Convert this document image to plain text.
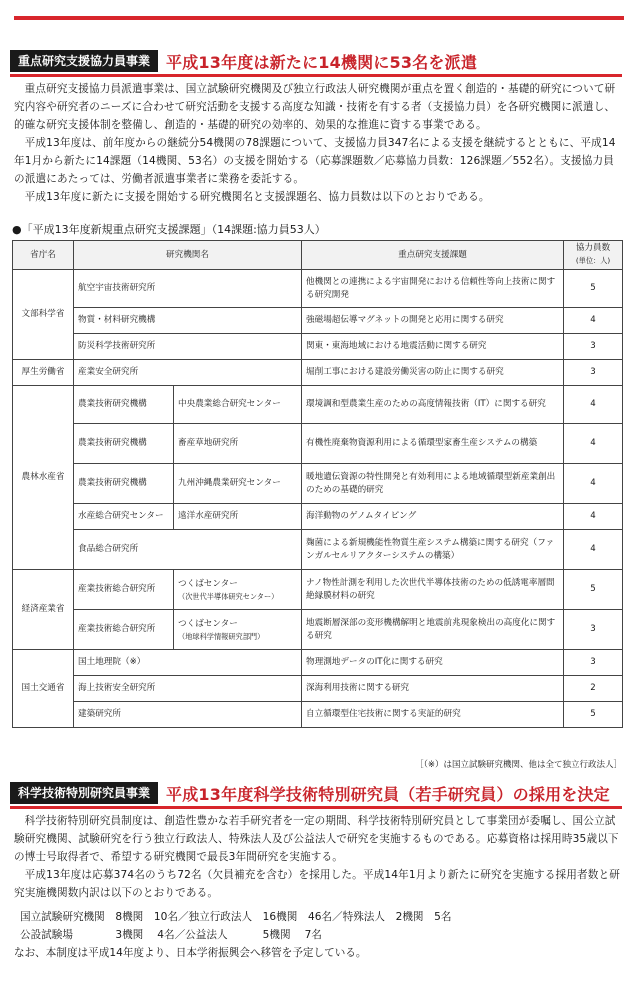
重点研究支援協力員事業	平成13年度は新たに14機関に53名を派遣

重点研究支援協力員派遣事業は、国立試験研究機関及び独立行政法人研究機関が重点を置く創造的・基礎的研究について研究内容や研究者のニーズに合わせて研究活動を支援する高度な知識・技術を有する者（支援協力員）を各研究機関に派遣し、的確な研究支援体制を整備し、創造的・基礎的研究の効率的、効果的な推進に資する事業である。

平成13年度は、前年度からの継続分54機関の78課題について、支援協力員347名による支援を継続するとともに、平成14年1月から新たに14課題（14機関、53名）の支援を開始する（応募課題数／応募協力員数：126課題／552名）。支援協力員の派遣にあたっては、労働者派遣事業者に業務を委託する。

平成13年度に新たに支援を開始する研究機関名と支援課題名、協力員数は以下のとおりである。

●「平成13年度新規重点研究支援課題」（14課題:協力員53人）
省庁名	研究機関名		重点研究支援課題	協力員数
(単位：人)
文部科学省	航空宇宙技術研究所		他機関との連携による宇宙開発における信頼性等向上技術に関する研究開発	5
	物質・材料研究機構		強磁場超伝導マグネットの開発と応用に関する研究	4
	防災科学技術研究所		関東・東海地域における地震活動に関する研究	3
厚生労働省	産業安全研究所		堀削工事における建設労働災害の防止に関する研究	3
農林水産省	農業技術研究機構	中央農業総合研究センター	環境調和型農業生産のための高度情報技術（IT）に関する研究	4
	農業技術研究機構	畜産草地研究所	有機性廃棄物資源利用による循環型家畜生産システムの構築	4
	農業技術研究機構	九州沖縄農業研究センター	暖地遺伝資源の特性開発と有効利用による地域循環型新産業創出のための基礎的研究	4
	水産総合研究センター	遠洋水産研究所	海洋動物のゲノムタイピング	4
	食品総合研究所		麹菌による新規機能性物質生産システム構築に関する研究（ファンガルセルリアクターシステムの構築）	4
経済産業省	産業技術総合研究所	つくばセンター
（次世代半導体研究センター）	ナノ物性計測を利用した次世代半導体技術のための低誘電率層間絶縁膜材料の研究	5
	産業技術総合研究所	つくばセンター
（地球科学情報研究部門）	地震断層深部の変形機構解明と地震前兆現象検出の高度化に関する研究	3
国土交通省	国土地理院（※）		物理測地データのIT化に関する研究	3
	海上技術安全研究所		深海利用技術に関する研究	2
	建築研究所		自立循環型住宅技術に関する実証的研究	5
［（※）は国立試験研究機関、他は全て独立行政法人］
科学技術特別研究員事業	平成13年度科学技術特別研究員（若手研究員）の採用を決定

科学技術特別研究員制度は、創造性豊かな若手研究者を一定の期間、科学技術特別研究員として事業団が委嘱し、国公立試験研究機関、試験研究を行う独立行政法人、特殊法人及び公益法人で研究を実施するものである。応募資格は採用時35歳以下の博士号取得者で、希望する研究機関で最長3年間研究を実施する。

平成13年度は応募374名のうち72名（欠員補充を含む）を採用した。平成14年1月より新たに研究を実施する採用者数と研究実施機関数内訳は以下のとおりである。

国立試験研究機関　8機関　10名／独立行政法人　16機関　46名／特殊法人　2機関　5名
公設試験場　　　　3機関　 4名／公益法人　　　 5機関　 7名
なお、本制度は平成14年度より、日本学術振興会へ移管を予定している。
